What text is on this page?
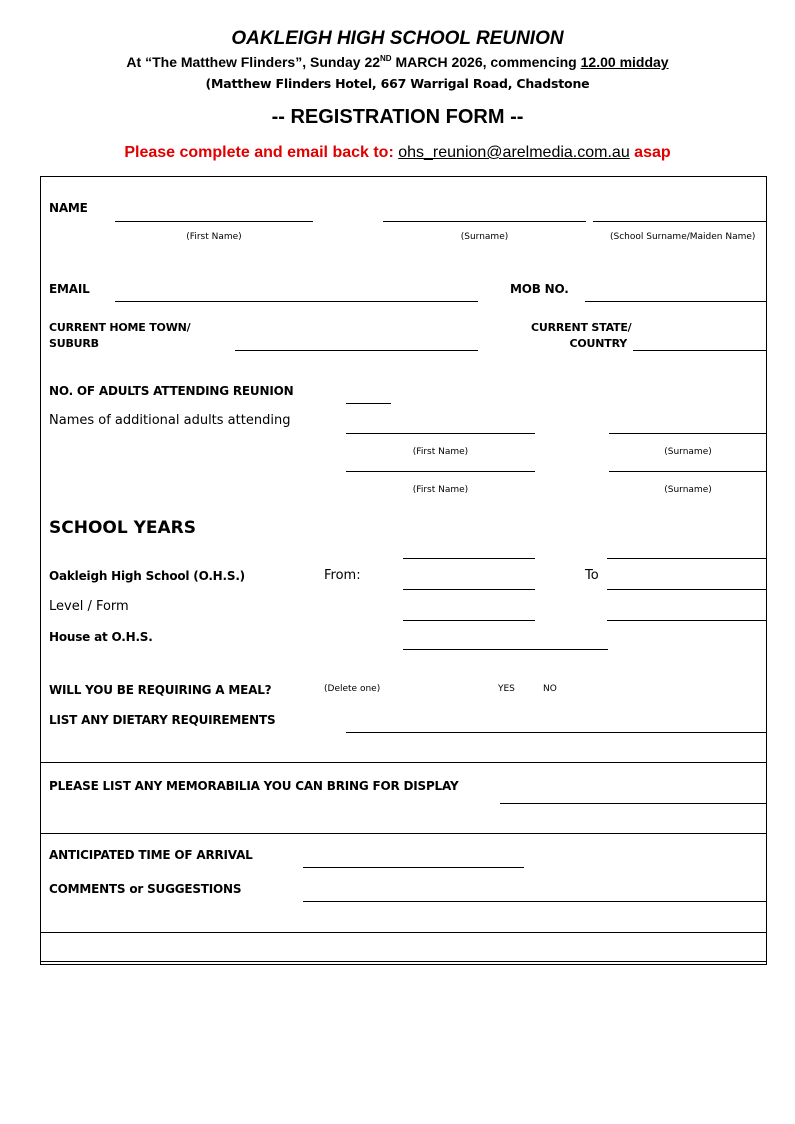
OAKLEIGH HIGH SCHOOL REUNION
At “The Matthew Flinders”, Sunday 22ND MARCH 2026, commencing 12.00 midday
(Matthew Flinders Hotel, 667 Warrigal Road, Chadstone
-- REGISTRATION FORM --
Please complete and email back to: ohs_reunion@arelmedia.com.au asap
NAME
(First Name)	(Surname)	(School Surname/Maiden Name)
EMAIL	MOB NO.
CURRENT HOME TOWN/
SUBURB
CURRENT STATE/
COUNTRY
NO. OF ADULTS ATTENDING REUNION
Names of additional adults attending
(First Name)	(Surname)
(First Name)	(Surname)
SCHOOL YEARS
Oakleigh High School (O.H.S.)	From:	To
Level / Form
House at O.H.S.
WILL YOU BE REQUIRING A MEAL?	(Delete one)	YES	NO
LIST ANY DIETARY REQUIREMENTS
PLEASE LIST ANY MEMORABILIA YOU CAN BRING FOR DISPLAY
ANTICIPATED TIME OF ARRIVAL
COMMENTS or SUGGESTIONS
